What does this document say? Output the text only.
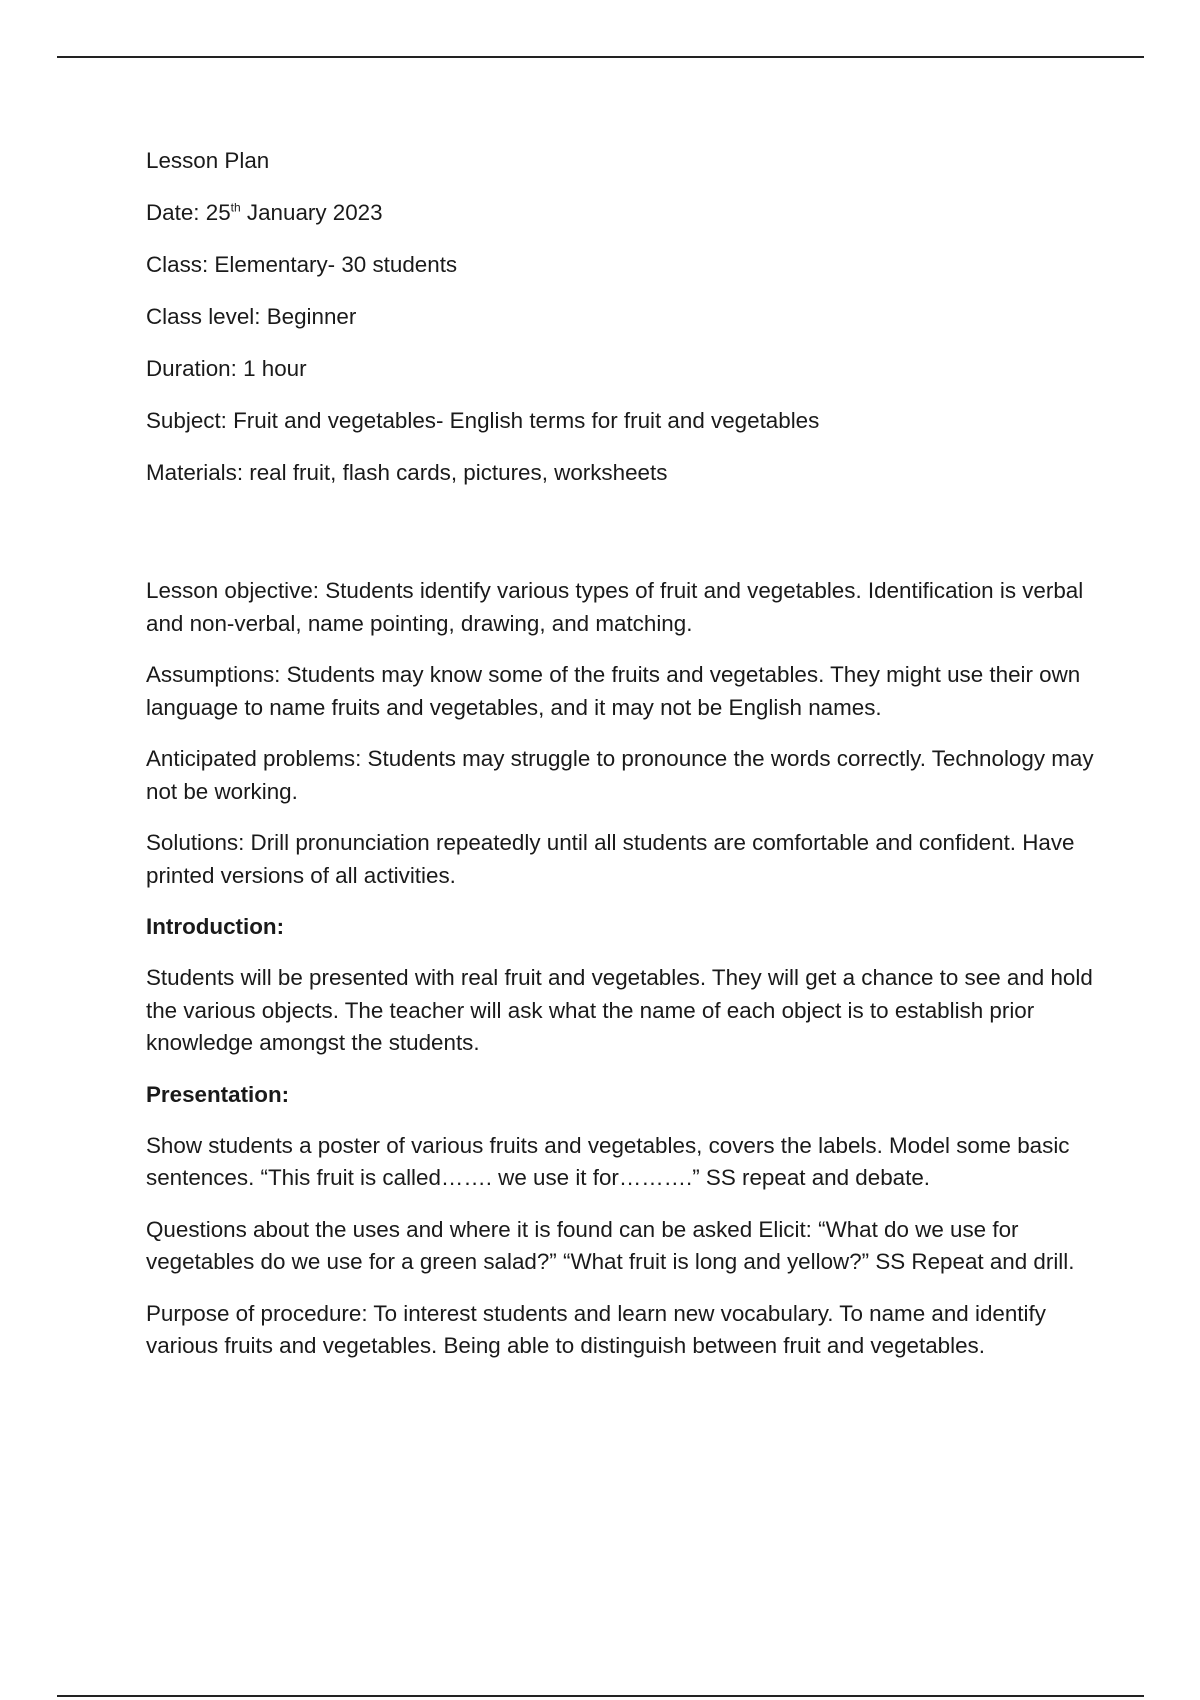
Lesson Plan

Date: 25th January 2023

Class: Elementary- 30 students

Class level: Beginner

Duration: 1 hour

Subject: Fruit and vegetables- English terms for fruit and vegetables

Materials: real fruit, flash cards, pictures, worksheets

Lesson objective: Students identify various types of fruit and vegetables. Identification is verbal and non-verbal, name pointing, drawing, and matching.

Assumptions: Students may know some of the fruits and vegetables. They might use their own language to name fruits and vegetables, and it may not be English names.

Anticipated problems: Students may struggle to pronounce the words correctly. Technology may not be working.

Solutions: Drill pronunciation repeatedly until all students are comfortable and confident. Have printed versions of all activities.

Introduction:

Students will be presented with real fruit and vegetables. They will get a chance to see and hold the various objects. The teacher will ask what the name of each object is to establish prior knowledge amongst the students.

Presentation:

Show students a poster of various fruits and vegetables, covers the labels. Model some basic sentences. “This fruit is called……. we use it for……….” SS repeat and debate.

Questions about the uses and where it is found can be asked Elicit: “What do we use for vegetables do we use for a green salad?” “What fruit is long and yellow?” SS Repeat and drill.

Purpose of procedure: To interest students and learn new vocabulary. To name and identify various fruits and vegetables. Being able to distinguish between fruit and vegetables.
